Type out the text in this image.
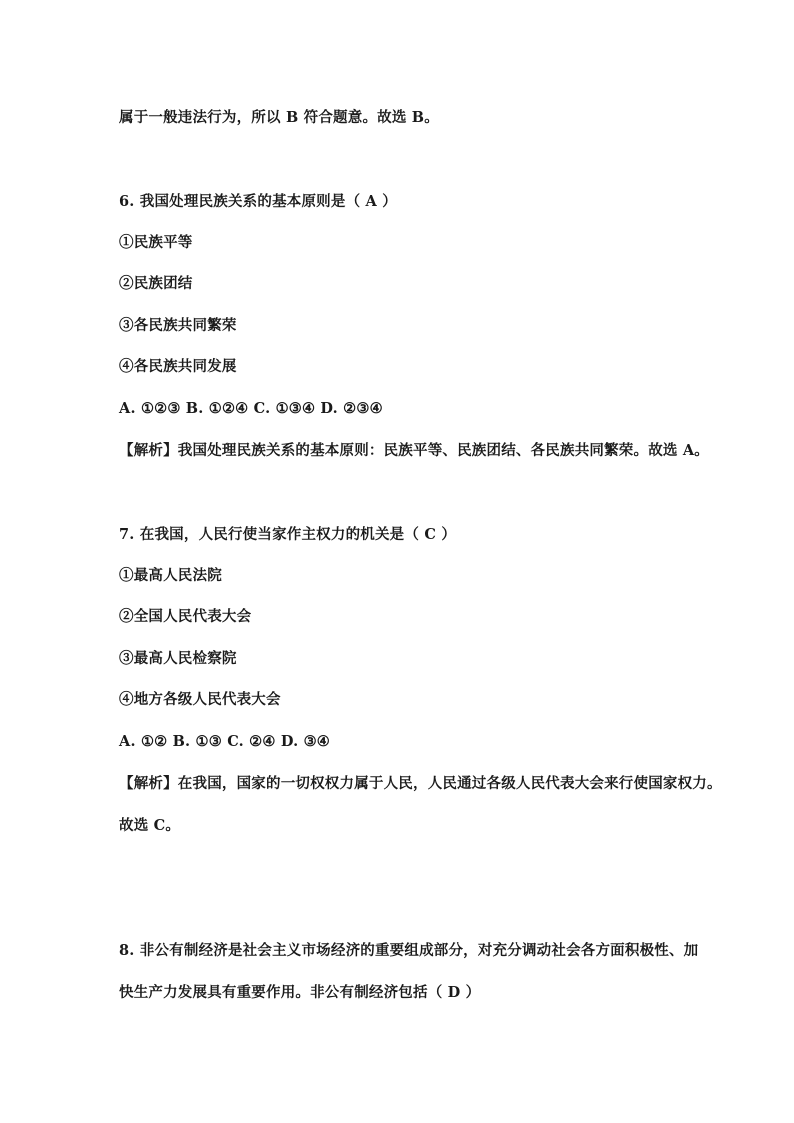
属于一般违法行为，所以 B 符合题意。故选 B。
6. 我国处理民族关系的基本原则是（ A ）
①民族平等
②民族团结
③各民族共同繁荣
④各民族共同发展
A. ①②③ B. ①②④ C. ①③④ D. ②③④
【解析】我国处理民族关系的基本原则：民族平等、民族团结、各民族共同繁荣。故选 A。
7. 在我国，人民行使当家作主权力的机关是（ C ）
①最高人民法院
②全国人民代表大会
③最高人民检察院
④地方各级人民代表大会
A. ①② B. ①③ C. ②④ D. ③④
【解析】在我国，国家的一切权权力属于人民，人民通过各级人民代表大会来行使国家权力。
故选 C。
8. 非公有制经济是社会主义市场经济的重要组成部分，对充分调动社会各方面积极性、加
快生产力发展具有重要作用。非公有制经济包括（ D ）
